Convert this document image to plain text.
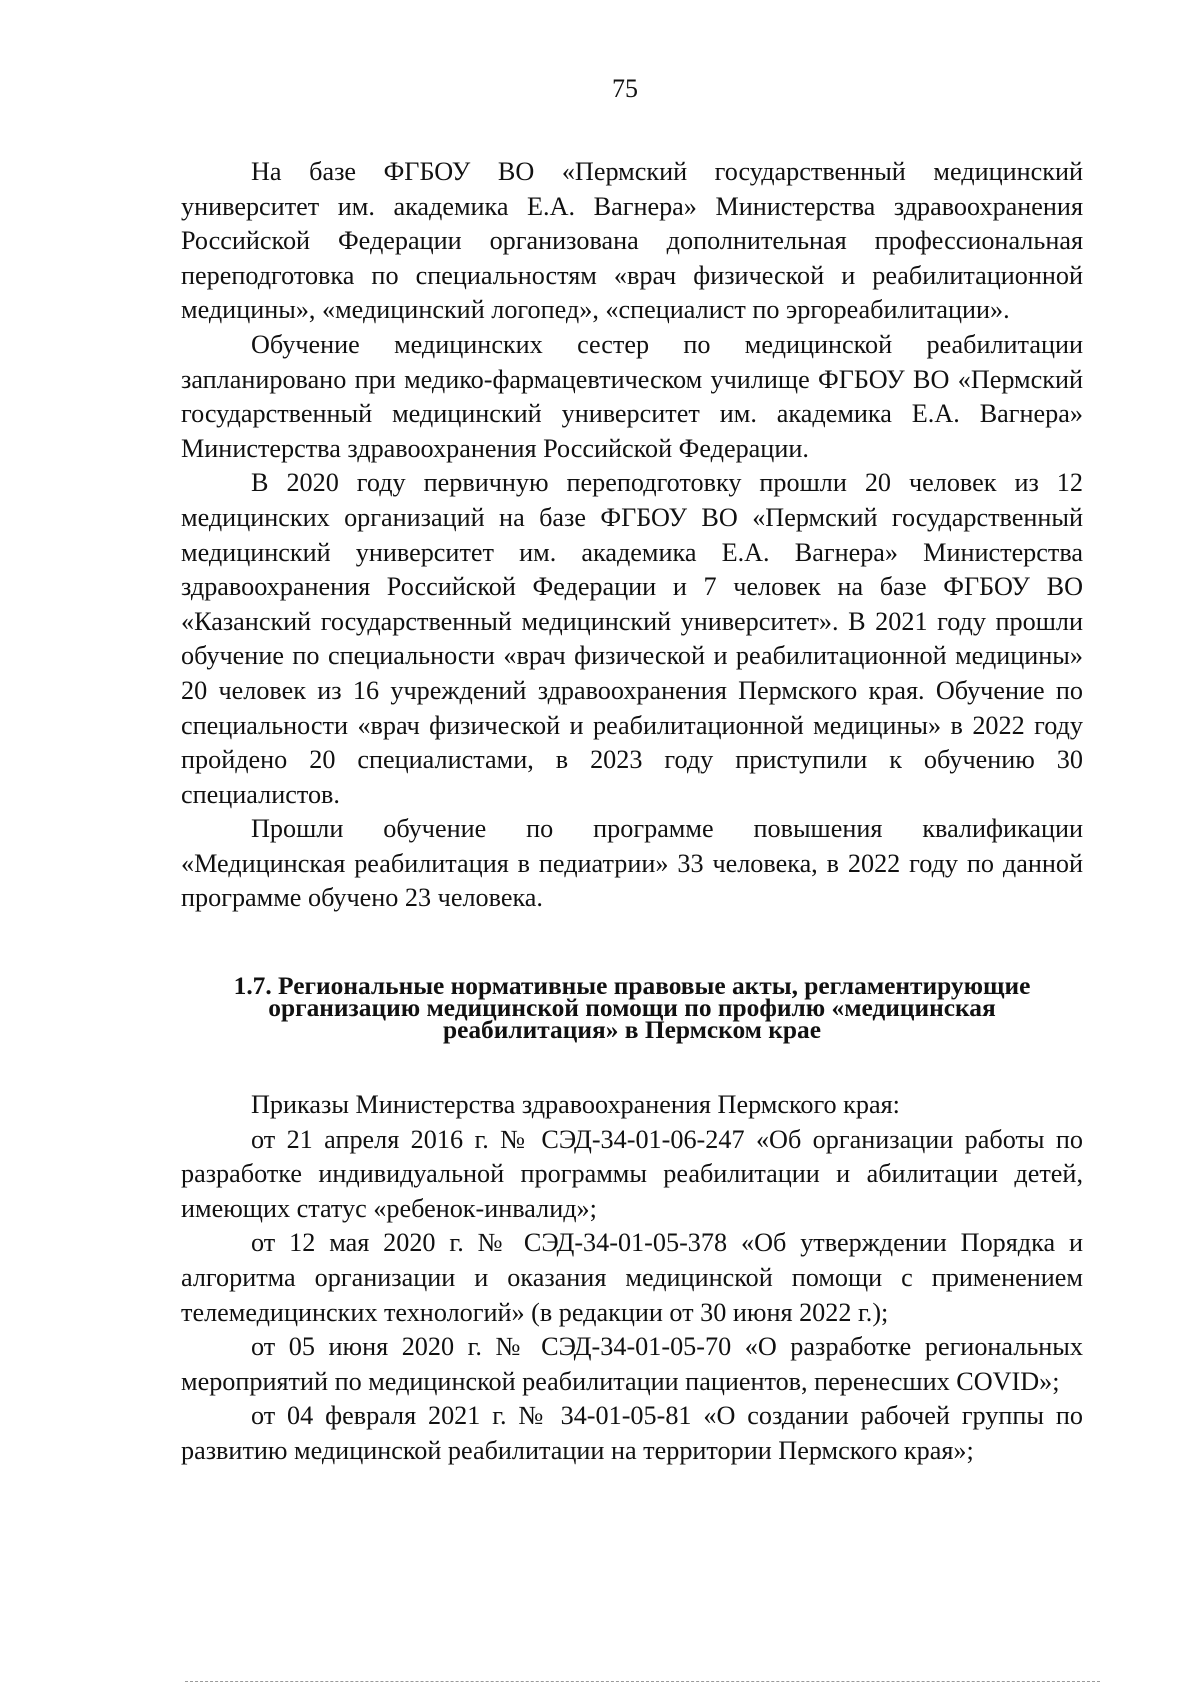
75

На базе ФГБОУ ВО «Пермский государственный медицинский университет им. академика Е.А. Вагнера» Министерства здравоохранения Российской Федерации организована дополнительная профессиональная переподготовка по специальностям «врач физической и реабилитационной медицины», «медицинский логопед», «специалист по эргореабилитации».

Обучение медицинских сестер по медицинской реабилитации запланировано при медико-фармацевтическом училище ФГБОУ ВО «Пермский государственный медицинский университет им. академика Е.А. Вагнера» Министерства здравоохранения Российской Федерации.

В 2020 году первичную переподготовку прошли 20 человек из 12 медицинских организаций на базе ФГБОУ ВО «Пермский государственный медицинский университет им. академика Е.А. Вагнера» Министерства здравоохранения Российской Федерации и 7 человек на базе ФГБОУ ВО «Казанский государственный медицинский университет». В 2021 году прошли обучение по специальности «врач физической и реабилитационной медицины» 20 человек из 16 учреждений здравоохранения Пермского края. Обучение по специальности «врач физической и реабилитационной медицины» в 2022 году пройдено 20 специалистами, в 2023 году приступили к обучению 30 специалистов.

Прошли обучение по программе повышения квалификации «Медицинская реабилитация в педиатрии» 33 человека, в 2022 году по данной программе обучено 23 человека.

1.7. Региональные нормативные правовые акты, регламентирующие организацию медицинской помощи по профилю «медицинская реабилитация» в Пермском крае

Приказы Министерства здравоохранения Пермского края:

от 21 апреля 2016 г. № СЭД-34-01-06-247 «Об организации работы по разработке индивидуальной программы реабилитации и абилитации детей, имеющих статус «ребенок-инвалид»;

от 12 мая 2020 г. № СЭД-34-01-05-378 «Об утверждении Порядка и алгоритма организации и оказания медицинской помощи с применением телемедицинских технологий» (в редакции от 30 июня 2022 г.);

от 05 июня 2020 г. № СЭД-34-01-05-70 «О разработке региональных мероприятий по медицинской реабилитации пациентов, перенесших COVID»;

от 04 февраля 2021 г. № 34-01-05-81 «О создании рабочей группы по развитию медицинской реабилитации на территории Пермского края»;
